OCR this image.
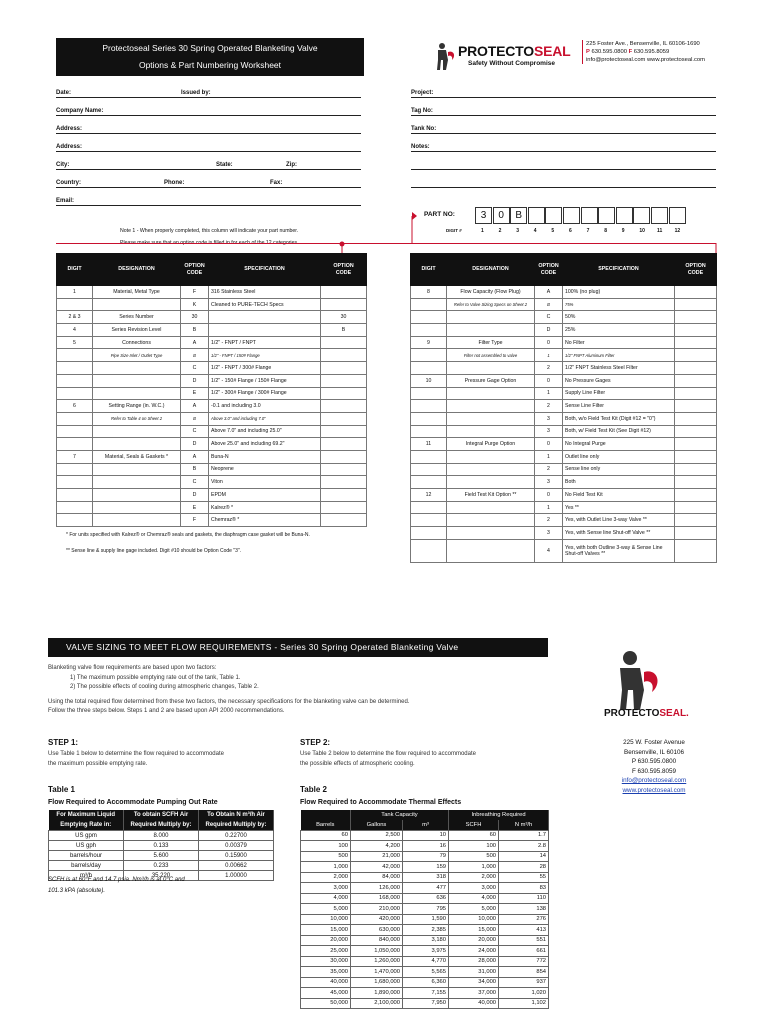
Protectoseal Series 30 Spring Operated Blanketing Valve
Options & Part Numbering Worksheet
PROTECTOSEAL
Safety Without Compromise
225 Foster Ave., Bensenville, IL 60106-1690
P 630.595.0800 F 630.595.8059
info@protectoseal.com www.protectoseal.com
Date:	Issued by:
Company Name:
Address:
Address:
City:	State:	Zip:
Country:	Phone:	Fax:
Email:
Project:
Tag No:
Tank No:
Notes:
PART NO:	3	0	B
DIGIT #	1	2	3	4	5	6	7	8	9	10 11 12
Note 1 - When properly completed, this column will indicate your part number.
DIGIT	DESIGNATION	OPTION
CODE	SPECIFICATION	OPTION
CODE
1	Material, Metal Type	F	316 Stainless Steel	
		K	Cleaned to PURE-TECH Specs	
2 & 3	Series Number	30		30
4	Series Revision Level	B		B
5	Connections	A	1/2" - FNPT / FNPT	
	Pipe Size Inlet / Outlet Type	B	1/2" - FNPT / 150# Flange	
		C	1/2" - FNPT / 300# Flange	
		D	1/2" - 150# Flange / 150# Flange	
		E	1/2" - 300# Flange / 300# Flange	
6	Setting Range (in. W.C.)	A	-0.1 and including 3.0	
	Refer to Table 4 on Sheet 2	B	Above 3.0" and including 7.0"	
		C	Above 7.0" and including 25.0"	
		D	Above 25.0" and including 69.2"	
7	Material, Seals & Gaskets *	A	Buna-N	
		B	Neoprene	
		C	Viton	
		D	EPDM	
		E	Kalrez® *	
		F	Chemraz® *	
* For units specified with Kalrez® or Chemraz® seals and gaskets, the diaphragm case gasket will be Buna-N.
** Sense line & supply line gage included. Digit #10 should be Option Code "3".
DIGIT	DESIGNATION	OPTION
CODE	SPECIFICATION	OPTION
CODE
8	Flow Capacity (Flow Plug)	A	100% (no plug)	
	Refer to Valve Sizing Specs on Sheet 2	B	75%	
		C	50%	
		D	25%	
9	Filter Type	0	No Filter	
	Filter not assembled to valve	1	1/2" FNPT Aluminum Filter	
		2	1/2" FNPT Stainless Steel Filter	
10	Pressure Gage Option	0	No Pressure Gages	
		1	Supply Line Filter	
		2	Sense Line Filter	
		3	Both, w/o Field Test Kit (Digit #12 = "0")	
		3	Both, w/ Field Test Kit (See Digit #12)	
11	Integral Purge Option	0	No Integral Purge	
		1	Outlet line only	
		2	Sense line only	
		3	Both	
12	Field Test Kit Option **	0	No Field Test Kit	
		1	Yes **	
		2	Yes, with Outlet Line 3-way Valve **	
		3	Yes, with Sense line Shut-off Valve **	
		4	Yes, with both Outline 3-way & Sense Line Shut-off Valves **	
VALVE SIZING TO MEET FLOW REQUIREMENTS - Series 30 Spring Operated Blanketing Valve
Blanketing valve flow requirements are based upon two factors:
1) The maximum possible emptying rate out of the tank, Table 1.
2) The possible effects of cooling during atmospheric changes, Table 2.
Using the total required flow determined from these two factors, the necessary specifications for the blanketing valve can be determined.
Follow the three steps below. Steps 1 and 2 are based upon API 2000 recommendations.
STEP 1:
Use Table 1 below to determine the flow required to accommodate
the maximum possible emptying rate.
STEP 2:
Use Table 2 below to determine the flow required to accommodate
the possible effects of atmospheric cooling.
Table 1
Flow Required to Accommodate Pumping Out Rate
For Maximum Liquid Emptying Rate in:	To obtain SCFH Air Required Multiply by:	To Obtain N m³/h Air Required Multiply by:
US gpm	8.000	0.22700
US gph	0.133	0.00379
barrels/hour	5.600	0.15900
barrels/day	0.233	0.00662
m³/h	35.220	1.00000
SCFH is at 60°F and 14.7 psia. Nm³/h is at 0°C and
101.3 kPA (absolute).
Table 2
Flow Required to Accommodate Thermal Effects
	Tank Capacity		Inbreathing Required	
Barrels	Gallons	m³	SCFH	N m³/h
60	2,500	10	60	1.7
100	4,200	16	100	2.8
500	21,000	79	500	14
1,000	42,000	159	1,000	28
2,000	84,000	318	2,000	55
3,000	126,000	477	3,000	83
4,000	168,000	636	4,000	110
5,000	210,000	795	5,000	138
10,000	420,000	1,590	10,000	276
15,000	630,000	2,385	15,000	413
20,000	840,000	3,180	20,000	551
25,000	1,050,000	3,975	24,000	661
30,000	1,260,000	4,770	28,000	772
35,000	1,470,000	5,565	31,000	854
40,000	1,680,000	6,360	34,000	937
45,000	1,890,000	7,155	37,000	1,020
50,000	2,100,000	7,950	40,000	1,102
PROTECTOSEAL.
225 W. Foster Avenue
Bensenville, IL 60106
P 630.595.0800
F 630.595.8059
info@protectoseal.com
www.protectoseal.com
